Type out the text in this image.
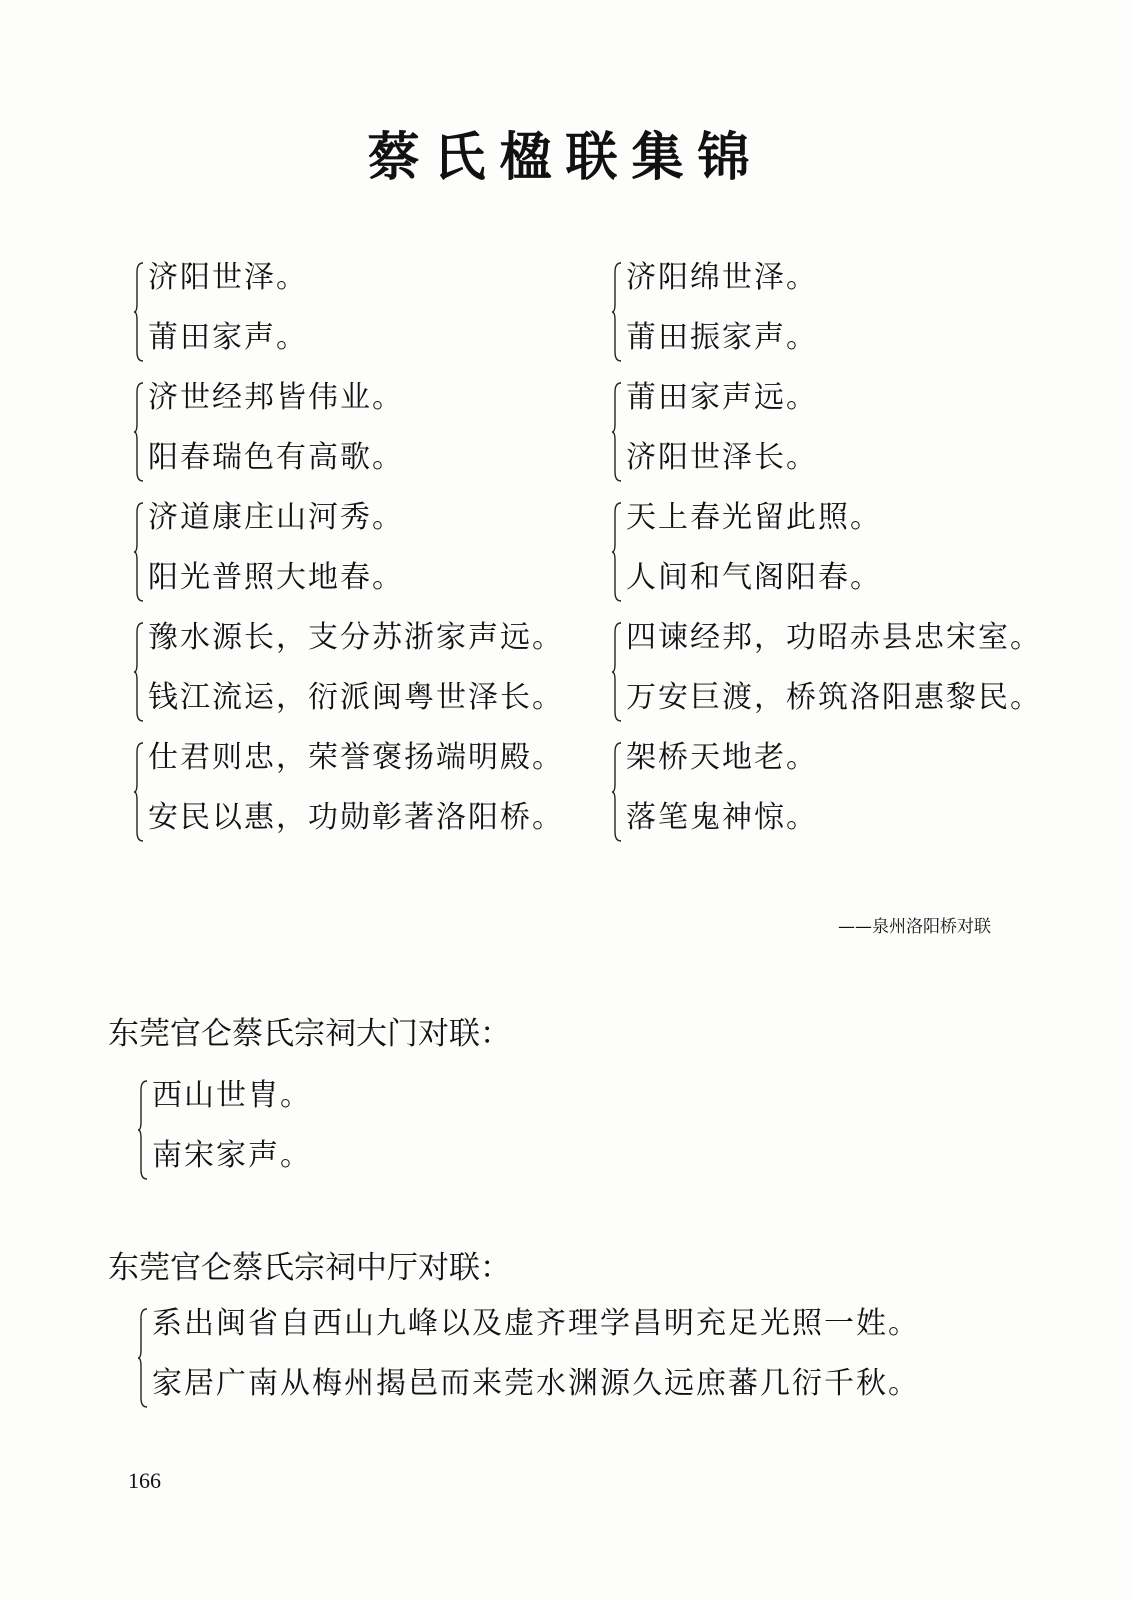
蔡氏楹联集锦
济阳世泽。
莆田家声。
济世经邦皆伟业。
阳春瑞色有高歌。
济道康庄山河秀。
阳光普照大地春。
豫水源长，支分苏浙家声远。
钱江流运，衍派闽粤世泽长。
仕君则忠，荣誉褒扬端明殿。
安民以惠，功勋彰著洛阳桥。
济阳绵世泽。
莆田振家声。
莆田家声远。
济阳世泽长。
天上春光留此照。
人间和气阁阳春。
四谏经邦，功昭赤县忠宋室。
万安巨渡，桥筑洛阳惠黎民。
架桥天地老。
落笔鬼神惊。
——泉州洛阳桥对联
东莞官仑蔡氏宗祠大门对联：
西山世胄。
南宋家声。
东莞官仑蔡氏宗祠中厅对联：
系出闽省自西山九峰以及虚齐理学昌明充足光照一姓。
家居广南从梅州揭邑而来莞水渊源久远庶蕃几衍千秋。
166
